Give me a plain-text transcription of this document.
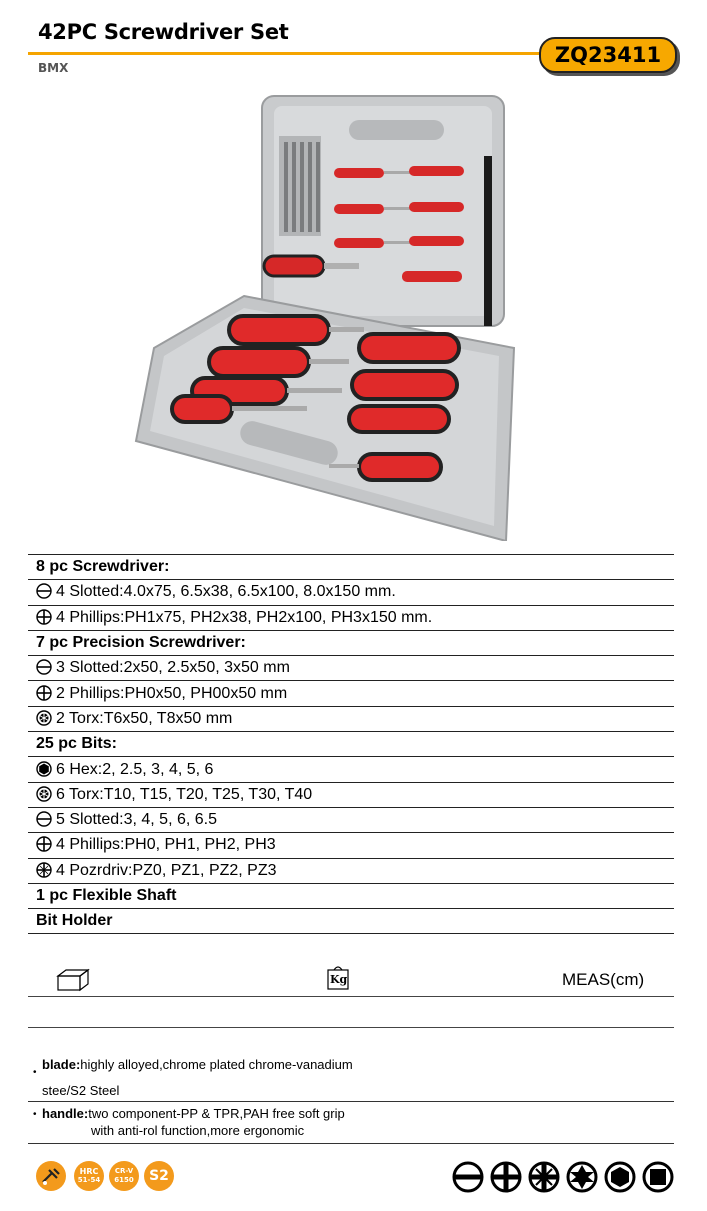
42PC Screwdriver Set
BMX
ZQ23411
8 pc Screwdriver:
4 Slotted:4.0x75, 6.5x38, 6.5x100, 8.0x150 mm.
4 Phillips:PH1x75, PH2x38, PH2x100, PH3x150 mm.
7 pc Precision Screwdriver:
3 Slotted:2x50, 2.5x50, 3x50 mm
2 Phillips:PH0x50, PH00x50 mm
2 Torx:T6x50, T8x50 mm
25 pc Bits:
6 Hex:2, 2.5, 3, 4, 5, 6
6 Torx:T10, T15, T20, T25, T30, T40
5 Slotted:3, 4, 5, 6, 6.5
4 Phillips:PH0, PH1, PH2, PH3
4 Pozrdriv:PZ0, PZ1, PZ2, PZ3
1 pc Flexible Shaft
Bit Holder
Kg	MEAS(cm)
•
blade:highly alloyed,chrome plated chrome-vanadium
stee/S2 Steel
• handle:two component-PP & TPR,PAH free soft grip
with anti-rol function,more ergonomic
HRC
51-54
CR-V
6150	S2
